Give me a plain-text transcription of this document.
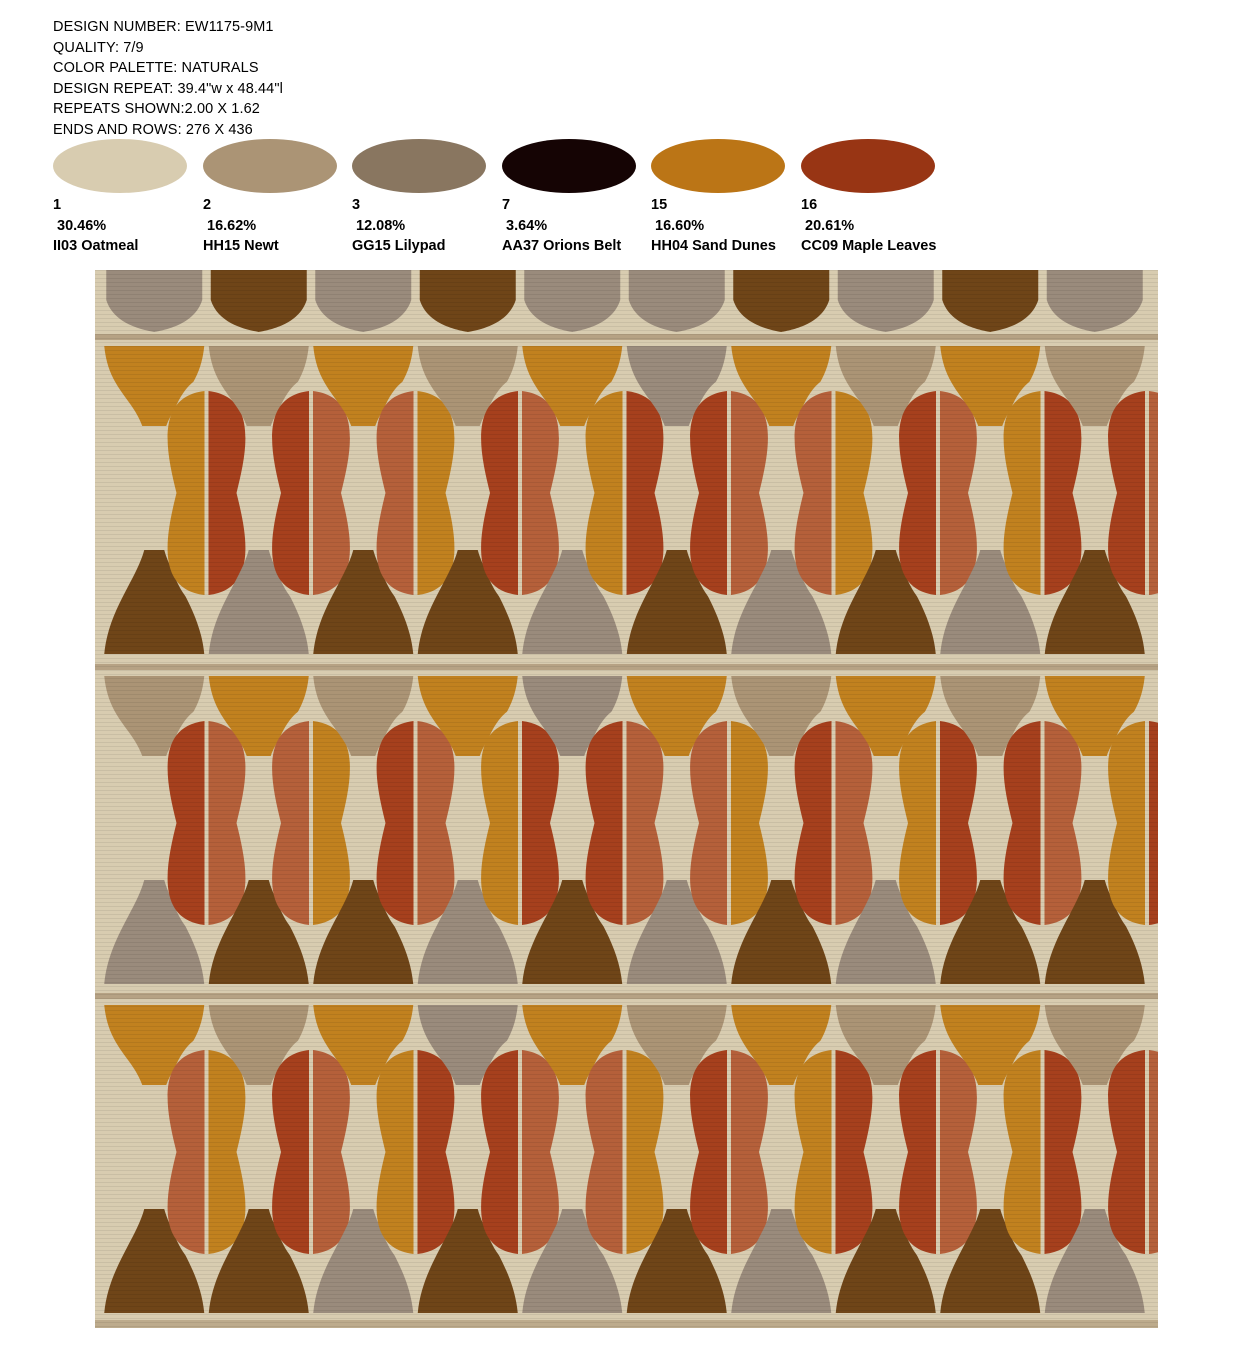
DESIGN NUMBER: EW1175-9M1
QUALITY: 7/9
COLOR PALETTE: NATURALS
DESIGN REPEAT: 39.4"w x 48.44"l
REPEATS SHOWN:2.00 X 1.62
ENDS AND ROWS: 276 X 436
1
30.46%
II03 Oatmeal
2
16.62%
HH15 Newt
3
12.08%
GG15 Lilypad
7
3.64%
AA37 Orions Belt
15
16.60%
HH04 Sand Dunes
16
20.61%
CC09 Maple Leaves
